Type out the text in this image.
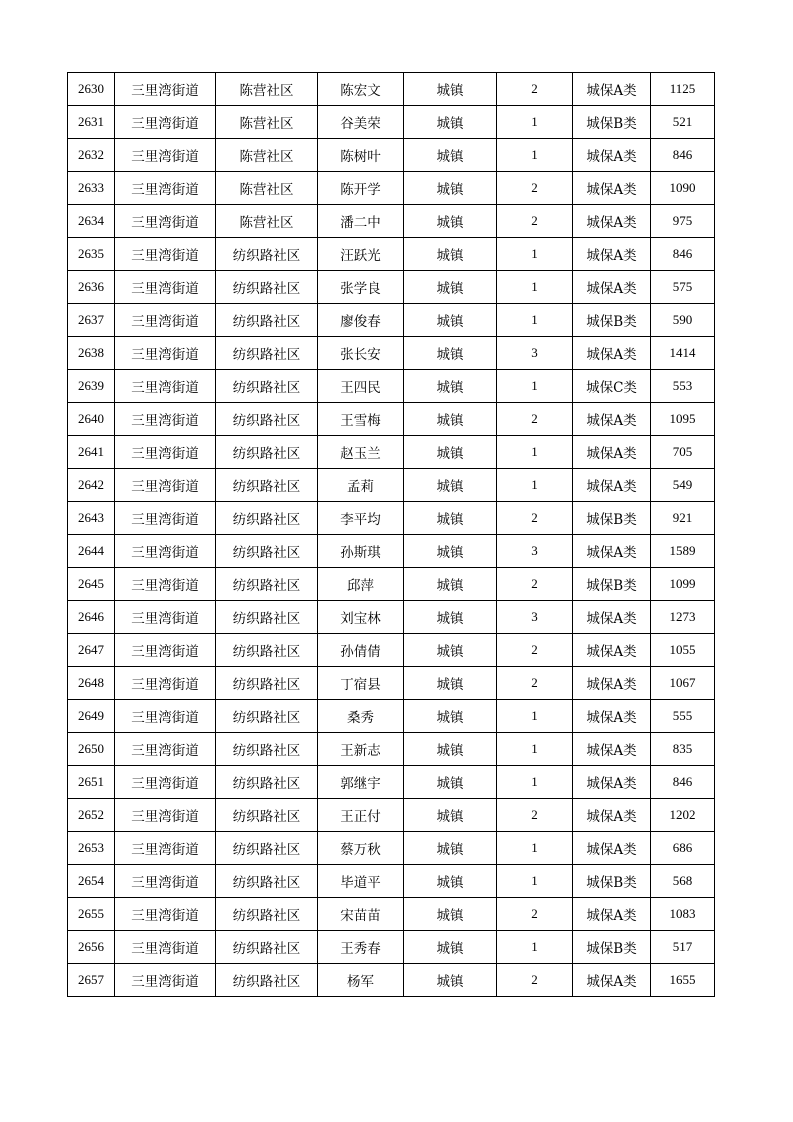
2630	三里湾街道	陈营社区	陈宏文	城镇	2	城保A类	1125
2631	三里湾街道	陈营社区	谷美荣	城镇	1	城保B类	521
2632	三里湾街道	陈营社区	陈树叶	城镇	1	城保A类	846
2633	三里湾街道	陈营社区	陈开学	城镇	2	城保A类	1090
2634	三里湾街道	陈营社区	潘二中	城镇	2	城保A类	975
2635	三里湾街道	纺织路社区	汪跃光	城镇	1	城保A类	846
2636	三里湾街道	纺织路社区	张学良	城镇	1	城保A类	575
2637	三里湾街道	纺织路社区	廖俊春	城镇	1	城保B类	590
2638	三里湾街道	纺织路社区	张长安	城镇	3	城保A类	1414
2639	三里湾街道	纺织路社区	王四民	城镇	1	城保C类	553
2640	三里湾街道	纺织路社区	王雪梅	城镇	2	城保A类	1095
2641	三里湾街道	纺织路社区	赵玉兰	城镇	1	城保A类	705
2642	三里湾街道	纺织路社区	孟莉	城镇	1	城保A类	549
2643	三里湾街道	纺织路社区	李平均	城镇	2	城保B类	921
2644	三里湾街道	纺织路社区	孙斯琪	城镇	3	城保A类	1589
2645	三里湾街道	纺织路社区	邱萍	城镇	2	城保B类	1099
2646	三里湾街道	纺织路社区	刘宝林	城镇	3	城保A类	1273
2647	三里湾街道	纺织路社区	孙倩倩	城镇	2	城保A类	1055
2648	三里湾街道	纺织路社区	丁宿县	城镇	2	城保A类	1067
2649	三里湾街道	纺织路社区	桑秀	城镇	1	城保A类	555
2650	三里湾街道	纺织路社区	王新志	城镇	1	城保A类	835
2651	三里湾街道	纺织路社区	郭继宇	城镇	1	城保A类	846
2652	三里湾街道	纺织路社区	王正付	城镇	2	城保A类	1202
2653	三里湾街道	纺织路社区	蔡万秋	城镇	1	城保A类	686
2654	三里湾街道	纺织路社区	毕道平	城镇	1	城保B类	568
2655	三里湾街道	纺织路社区	宋苗苗	城镇	2	城保A类	1083
2656	三里湾街道	纺织路社区	王秀春	城镇	1	城保B类	517
2657	三里湾街道	纺织路社区	杨军	城镇	2	城保A类	1655
